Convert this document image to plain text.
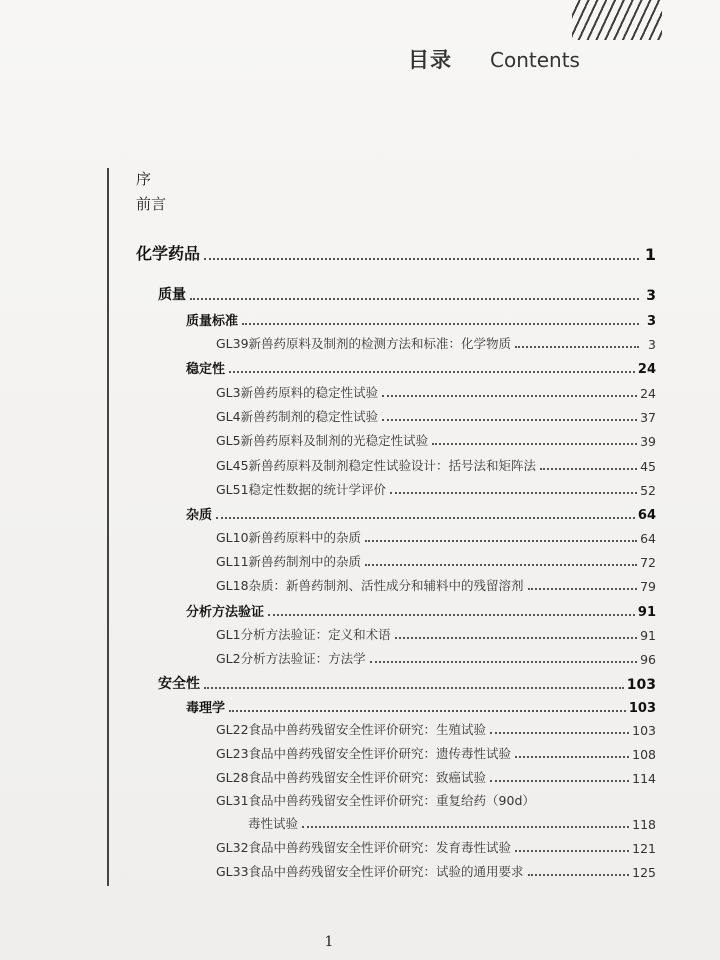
目录 Contents
序
前言
化学药品	1
质量	3
质量标准	3
GL39新兽药原料及制剂的检测方法和标准：化学物质	3
稳定性	24
GL3新兽药原料的稳定性试验	24
GL4新兽药制剂的稳定性试验	37
GL5新兽药原料及制剂的光稳定性试验	39
GL45新兽药原料及制剂稳定性试验设计：括号法和矩阵法	45
GL51稳定性数据的统计学评价	52
杂质	64
GL10新兽药原料中的杂质	64
GL11新兽药制剂中的杂质	72
GL18杂质：新兽药制剂、活性成分和辅料中的残留溶剂	79
分析方法验证	91
GL1分析方法验证：定义和术语	91
GL2分析方法验证：方法学	96
安全性	103
毒理学	103
GL22食品中兽药残留安全性评价研究：生殖试验	103
GL23食品中兽药残留安全性评价研究：遗传毒性试验	108
GL28食品中兽药残留安全性评价研究：致癌试验	114
GL31食品中兽药残留安全性评价研究：重复给药（90d）
毒性试验	118
GL32食品中兽药残留安全性评价研究：发育毒性试验	121
GL33食品中兽药残留安全性评价研究：试验的通用要求	125
1
